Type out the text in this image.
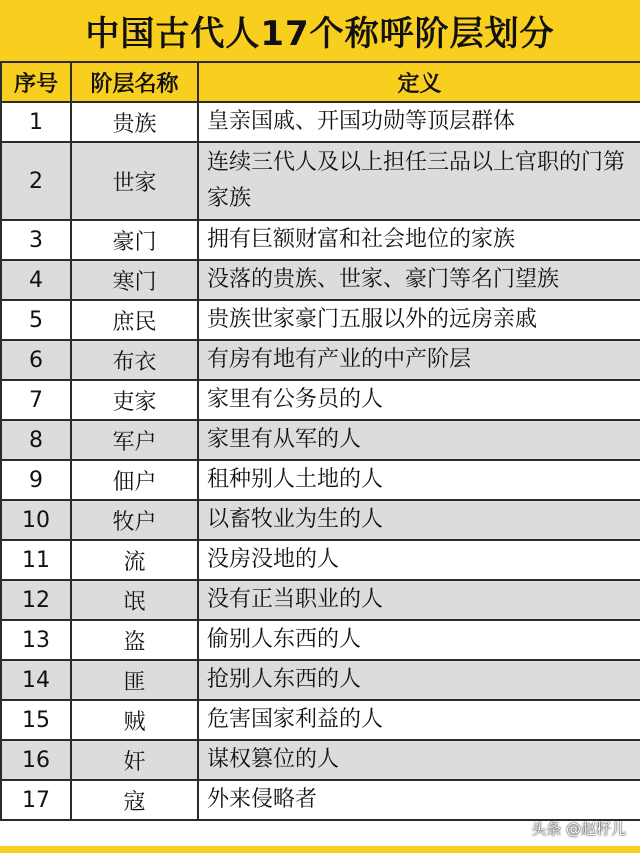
中国古代人17个称呼阶层划分
序号	阶层名称	定义
1	贵族	皇亲国戚、开国功勋等顶层群体
2	世家	连续三代人及以上担任三品以上官职的门第家族
3	豪门	拥有巨额财富和社会地位的家族
4	寒门	没落的贵族、世家、豪门等名门望族
5	庶民	贵族世家豪门五服以外的远房亲戚
6	布衣	有房有地有产业的中产阶层
7	吏家	家里有公务员的人
8	军户	家里有从军的人
9	佃户	租种别人土地的人
10	牧户	以畜牧业为生的人
11	流	没房没地的人
12	氓	没有正当职业的人
13	盗	偷别人东西的人
14	匪	抢别人东西的人
15	贼	危害国家利益的人
16	奸	谋权篡位的人
17	寇	外来侵略者
头条 @赵籽儿
